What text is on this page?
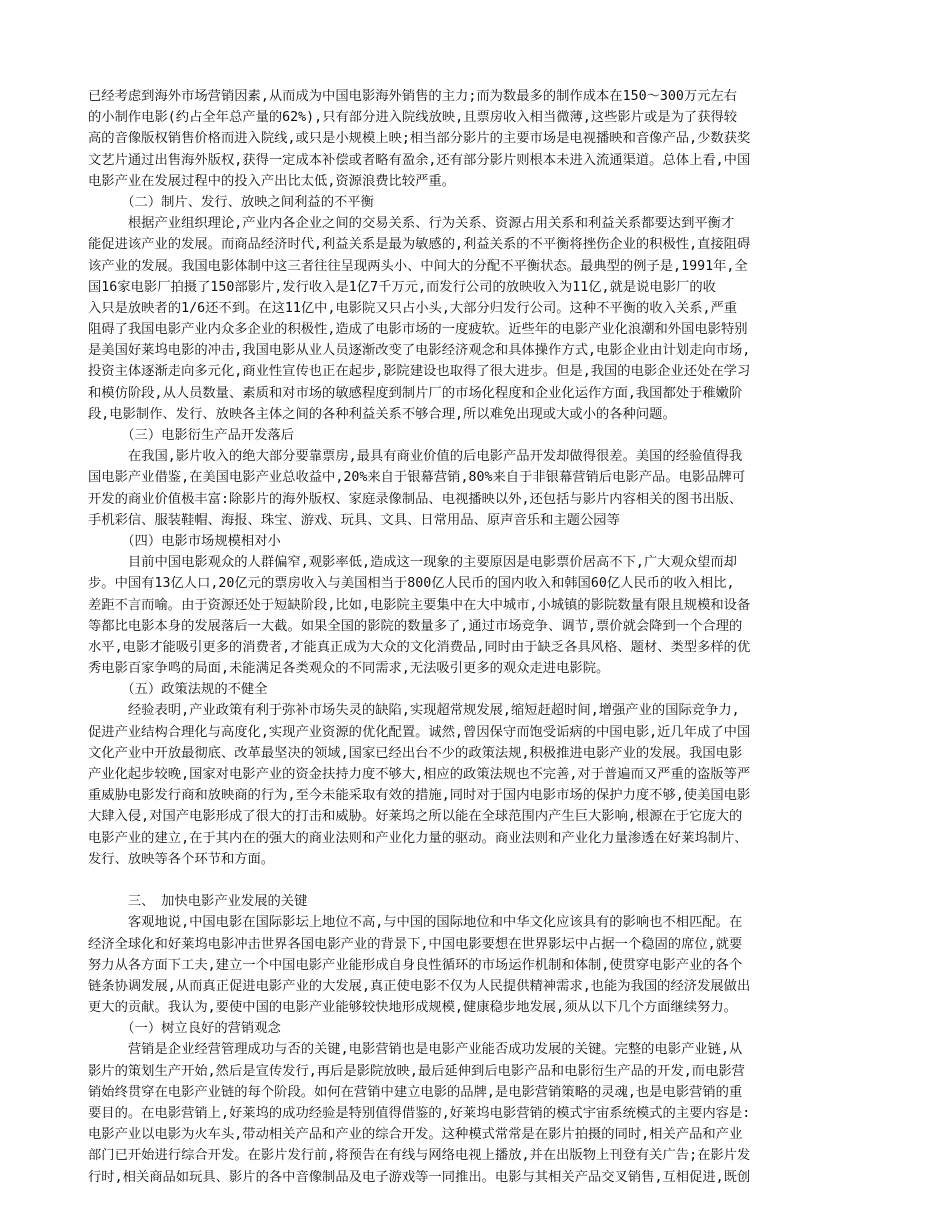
已经考虑到海外市场营销因素,从而成为中国电影海外销售的主力;而为数最多的制作成本在150～300万元左右
的小制作电影(约占全年总产量的62%),只有部分进入院线放映,且票房收入相当微薄,这些影片或是为了获得较
高的音像版权销售价格而进入院线,或只是小规模上映;相当部分影片的主要市场是电视播映和音像产品,少数获奖
文艺片通过出售海外版权,获得一定成本补偿或者略有盈余,还有部分影片则根本未进入流通渠道。总体上看,中国
电影产业在发展过程中的投入产出比太低,资源浪费比较严重。
　　　（二）制片、发行、放映之间利益的不平衡
　　　根据产业组织理论,产业内各企业之间的交易关系、行为关系、资源占用关系和利益关系都要达到平衡才
能促进该产业的发展。而商品经济时代,利益关系是最为敏感的,利益关系的不平衡将挫伤企业的积极性,直接阻碍
该产业的发展。我国电影体制中这三者往往呈现两头小、中间大的分配不平衡状态。最典型的例子是,1991年,全
国16家电影厂拍摄了150部影片,发行收入是1亿7千万元,而发行公司的放映收入为11亿,就是说电影厂的收
入只是放映者的1/6还不到。在这11亿中,电影院又只占小头,大部分归发行公司。这种不平衡的收入关系,严重
阻碍了我国电影产业内众多企业的积极性,造成了电影市场的一度疲软。近些年的电影产业化浪潮和外国电影特别
是美国好莱坞电影的冲击,我国电影从业人员逐渐改变了电影经济观念和具体操作方式,电影企业由计划走向市场,
投资主体逐渐走向多元化,商业性宣传也正在起步,影院建设也取得了很大进步。但是,我国的电影企业还处在学习
和模仿阶段,从人员数量、素质和对市场的敏感程度到制片厂的市场化程度和企业化运作方面,我国都处于稚嫩阶
段,电影制作、发行、放映各主体之间的各种利益关系不够合理,所以难免出现或大或小的各种问题。
　　　（三）电影衍生产品开发落后
　　　在我国,影片收入的绝大部分要靠票房,最具有商业价值的后电影产品开发却做得很差。美国的经验值得我
国电影产业借鉴,在美国电影产业总收益中,20%来自于银幕营销,80%来自于非银幕营销后电影产品。电影品牌可
开发的商业价值极丰富:除影片的海外版权、家庭录像制品、电视播映以外,还包括与影片内容相关的图书出版、
手机彩信、服装鞋帽、海报、珠宝、游戏、玩具、文具、日常用品、原声音乐和主题公园等
　　　（四）电影市场规模相对小
　　　目前中国电影观众的人群偏窄,观影率低,造成这一现象的主要原因是电影票价居高不下,广大观众望而却
步。中国有13亿人口,20亿元的票房收入与美国相当于800亿人民币的国内收入和韩国60亿人民币的收入相比,
差距不言而喻。由于资源还处于短缺阶段,比如,电影院主要集中在大中城市,小城镇的影院数量有限且规模和设备
等都比电影本身的发展落后一大截。如果全国的影院的数量多了,通过市场竞争、调节,票价就会降到一个合理的
水平,电影才能吸引更多的消费者,才能真正成为大众的文化消费品,同时由于缺乏各具风格、题材、类型多样的优
秀电影百家争鸣的局面,未能满足各类观众的不同需求,无法吸引更多的观众走进电影院。
　　　（五）政策法规的不健全
　　　经验表明,产业政策有利于弥补市场失灵的缺陷,实现超常规发展,缩短赶超时间,增强产业的国际竞争力,
促进产业结构合理化与高度化,实现产业资源的优化配置。诚然,曾因保守而饱受诟病的中国电影,近几年成了中国
文化产业中开放最彻底、改革最坚决的领域,国家已经出台不少的政策法规,积极推进电影产业的发展。我国电影
产业化起步较晚,国家对电影产业的资金扶持力度不够大,相应的政策法规也不完善,对于普遍而又严重的盗版等严
重威胁电影发行商和放映商的行为,至今未能采取有效的措施,同时对于国内电影市场的保护力度不够,使美国电影
大肆入侵,对国产电影形成了很大的打击和威胁。好莱坞之所以能在全球范围内产生巨大影响,根源在于它庞大的
电影产业的建立,在于其内在的强大的商业法则和产业化力量的驱动。商业法则和产业化力量渗透在好莱坞制片、
发行、放映等各个环节和方面。
　　　三、　加快电影产业发展的关键
　　　客观地说,中国电影在国际影坛上地位不高,与中国的国际地位和中华文化应该具有的影响也不相匹配。在
经济全球化和好莱坞电影冲击世界各国电影产业的背景下,中国电影要想在世界影坛中占据一个稳固的席位,就要
努力从各方面下工夫,建立一个中国电影产业能形成自身良性循环的市场运作机制和体制,使贯穿电影产业的各个
链条协调发展,从而真正促进电影产业的大发展,真正使电影不仅为人民提供精神需求,也能为我国的经济发展做出
更大的贡献。我认为,要使中国的电影产业能够较快地形成规模,健康稳步地发展,须从以下几个方面继续努力。
　　　（一）树立良好的营销观念
　　　营销是企业经营管理成功与否的关键,电影营销也是电影产业能否成功发展的关键。完整的电影产业链,从
影片的策划生产开始,然后是宣传发行,再后是影院放映,最后延伸到后电影产品和电影衍生产品的开发,而电影营
销始终贯穿在电影产业链的每个阶段。如何在营销中建立电影的品牌,是电影营销策略的灵魂,也是电影营销的重
要目的。在电影营销上,好莱坞的成功经验是特别值得借鉴的,好莱坞电影营销的模式宇宙系统模式的主要内容是:
电影产业以电影为火车头,带动相关产品和产业的综合开发。这种模式常常是在影片拍摄的同时,相关产品和产业
部门已开始进行综合开发。在影片发行前,将预告在有线与网络电视上播放,并在出版物上刊登有关广告;在影片发
行时,相关商品如玩具、影片的各中音像制品及电子游戏等一同推出。电影与其相关产品交叉销售,互相促进,既创
